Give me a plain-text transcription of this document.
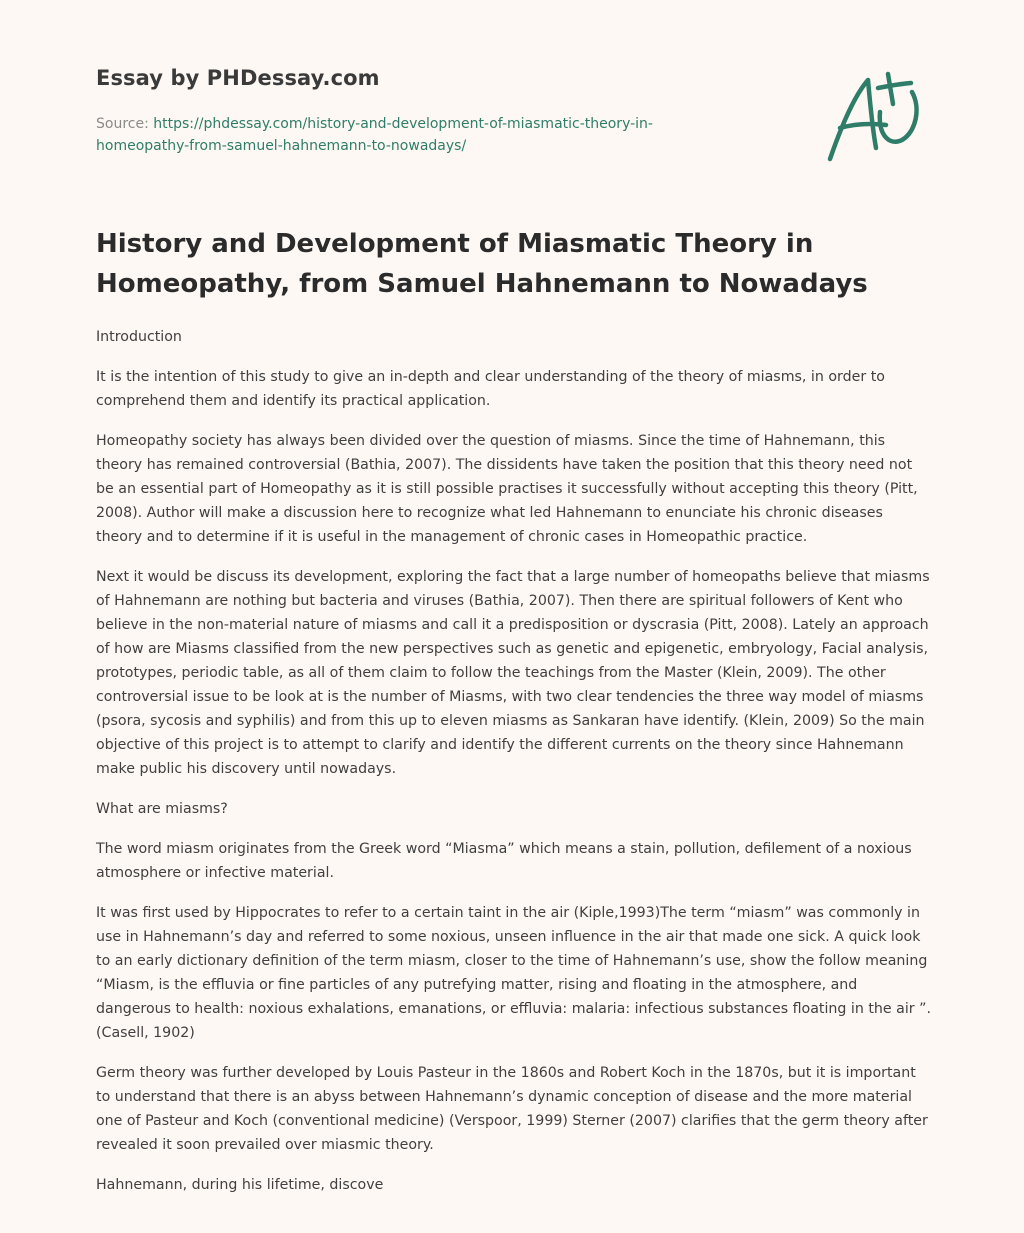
Essay by PHDessay.com
Source: https://phdessay.com/history-and-development-of-miasmatic-theory-in-
homeopathy-from-samuel-hahnemann-to-nowadays/
History and Development of Miasmatic Theory in Homeopathy, from Samuel Hahnemann to Nowadays

Introduction

It is the intention of this study to give an in-depth and clear understanding of the theory of miasms, in order to comprehend them and identify its practical application.

Homeopathy society has always been divided over the question of miasms. Since the time of Hahnemann, this theory has remained controversial (Bathia, 2007). The dissidents have taken the position that this theory need not be an essential part of Homeopathy as it is still possible practises it successfully without accepting this theory (Pitt, 2008). Author will make a discussion here to recognize what led Hahnemann to enunciate his chronic diseases theory and to determine if it is useful in the management of chronic cases in Homeopathic practice.

Next it would be discuss its development, exploring the fact that a large number of homeopaths believe that miasms of Hahnemann are nothing but bacteria and viruses (Bathia, 2007). Then there are spiritual followers of Kent who believe in the non-material nature of miasms and call it a predisposition or dyscrasia (Pitt, 2008). Lately an approach of how are Miasms classified from the new perspectives such as genetic and epigenetic, embryology, Facial analysis, prototypes, periodic table, as all of them claim to follow the teachings from the Master (Klein, 2009). The other controversial issue to be look at is the number of Miasms, with two clear tendencies the three way model of miasms (psora, sycosis and syphilis) and from this up to eleven miasms as Sankaran have identify. (Klein, 2009) So the main objective of this project is to attempt to clarify and identify the different currents on the theory since Hahnemann make public his discovery until nowadays.

What are miasms?

The word miasm originates from the Greek word “Miasma” which means a stain, pollution, defilement of a noxious atmosphere or infective material.

It was first used by Hippocrates to refer to a certain taint in the air (Kiple,1993)The term “miasm” was commonly in use in Hahnemann’s day and referred to some noxious, unseen influence in the air that made one sick. A quick look to an early dictionary definition of the term miasm, closer to the time of Hahnemann’s use, show the follow meaning “Miasm, is the effluvia or fine particles of any putrefying matter, rising and floating in the atmosphere, and dangerous to health: noxious exhalations, emanations, or effluvia: malaria: infectious substances floating in the air ”. (Casell, 1902)

Germ theory was further developed by Louis Pasteur in the 1860s and Robert Koch in the 1870s, but it is important to understand that there is an abyss between Hahnemann’s dynamic conception of disease and the more material one of Pasteur and Koch (conventional medicine) (Verspoor, 1999) Sterner (2007) clarifies that the germ theory after revealed it soon prevailed over miasmic theory.

Hahnemann, during his lifetime, discove
